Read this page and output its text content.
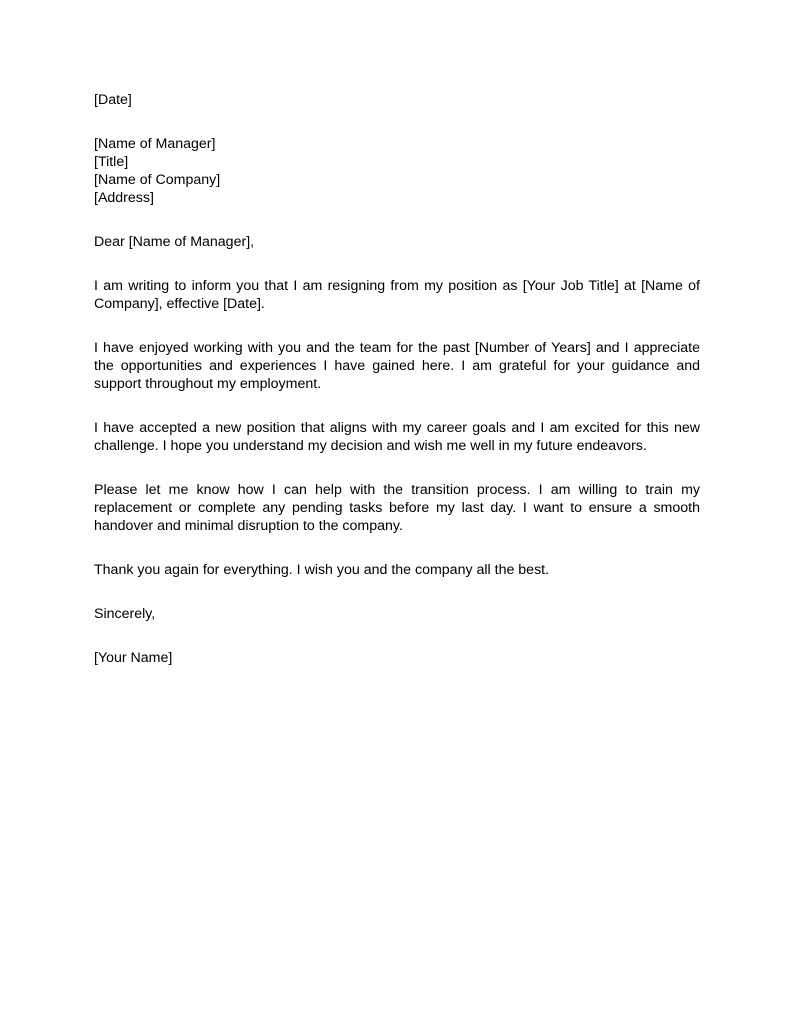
[Date]
[Name of Manager]
[Title]
[Name of Company]
[Address]
Dear [Name of Manager],
I am writing to inform you that I am resigning from my position as [Your Job Title] at [Name of Company], effective [Date].
I have enjoyed working with you and the team for the past [Number of Years] and I appreciate the opportunities and experiences I have gained here. I am grateful for your guidance and support throughout my employment.
I have accepted a new position that aligns with my career goals and I am excited for this new challenge. I hope you understand my decision and wish me well in my future endeavors.
Please let me know how I can help with the transition process. I am willing to train my replacement or complete any pending tasks before my last day. I want to ensure a smooth handover and minimal disruption to the company.
Thank you again for everything. I wish you and the company all the best.
Sincerely,
[Your Name]
